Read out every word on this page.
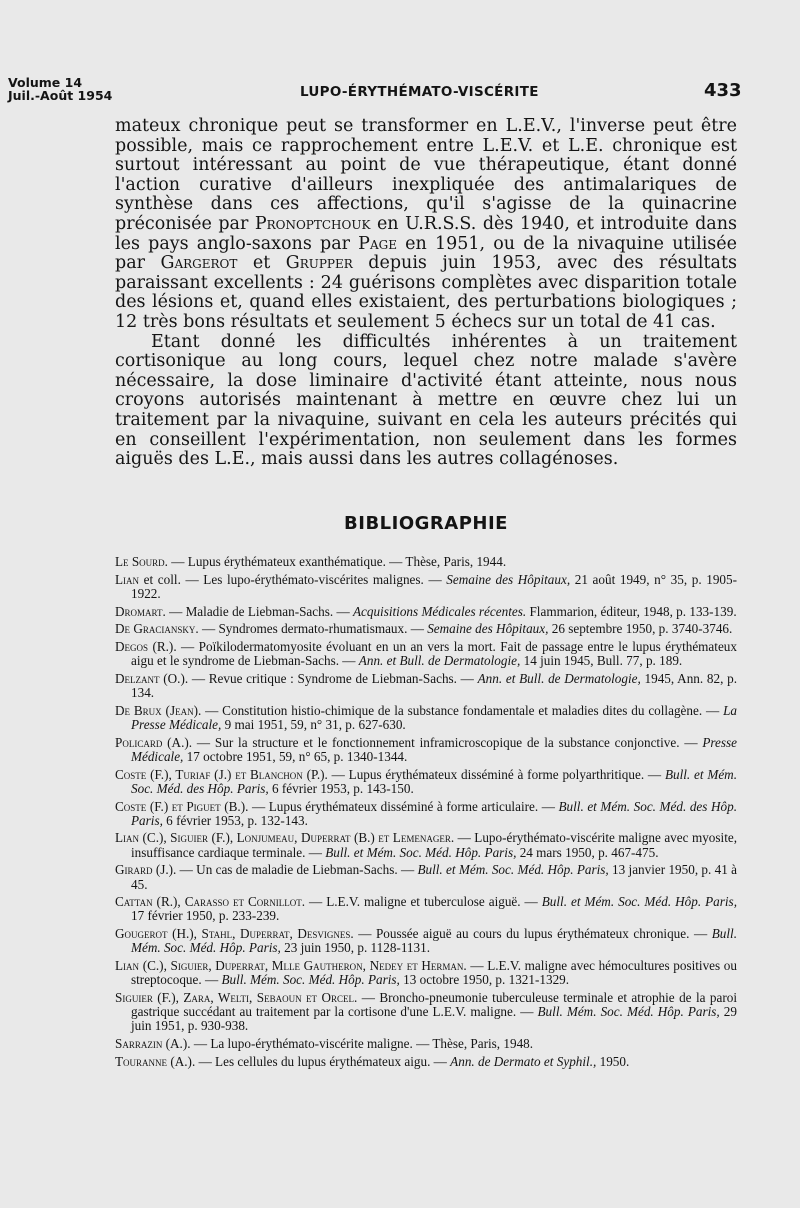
Volume 14
Juil.-Août 1954	LUPO-ÉRYTHÉMATO-VISCÉRITE	433

mateux chronique peut se transformer en L.E.V., l'inverse peut être possible, mais ce rapprochement entre L.E.V. et L.E. chronique est surtout intéressant au point de vue thérapeutique, étant donné l'action curative d'ailleurs inexpliquée des antimalariques de synthèse dans ces affections, qu'il s'agisse de la quinacrine préconisée par Pronoptchouk en U.R.S.S. dès 1940, et introduite dans les pays anglo-saxons par Page en 1951, ou de la nivaquine utilisée par Gargerot et Grupper depuis juin 1953, avec des résultats paraissant excellents : 24 guérisons complètes avec disparition totale des lésions et, quand elles existaient, des perturbations biologiques ; 12 très bons résultats et seulement 5 échecs sur un total de 41 cas.

Etant donné les difficultés inhérentes à un traitement cortisonique au long cours, lequel chez notre malade s'avère nécessaire, la dose liminaire d'activité étant atteinte, nous nous croyons autorisés maintenant à mettre en œuvre chez lui un traitement par la nivaquine, suivant en cela les auteurs précités qui en conseillent l'expérimentation, non seulement dans les formes aiguës des L.E., mais aussi dans les autres collagénoses.

BIBLIOGRAPHIE
Le Sourd. — Lupus érythémateux exanthématique. — Thèse, Paris, 1944.
Lian et coll. — Les lupo-érythémato-viscérites malignes. — Semaine des Hôpitaux, 21 août 1949, n° 35, p. 1905-1922.
Dromart. — Maladie de Liebman-Sachs. — Acquisitions Médicales récentes. Flammarion, éditeur, 1948, p. 133-139.
De Graciansky. — Syndromes dermato-rhumatismaux. — Semaine des Hôpitaux, 26 septembre 1950, p. 3740-3746.
Degos (R.). — Poïkilodermatomyosite évoluant en un an vers la mort. Fait de passage entre le lupus érythémateux aigu et le syndrome de Liebman-Sachs. — Ann. et Bull. de Dermatologie, 14 juin 1945, Bull. 77, p. 189.
Delzant (O.). — Revue critique : Syndrome de Liebman-Sachs. — Ann. et Bull. de Dermatologie, 1945, Ann. 82, p. 134.
De Brux (Jean). — Constitution histio-chimique de la substance fondamentale et maladies dites du collagène. — La Presse Médicale, 9 mai 1951, 59, n° 31, p. 627-630.
Policard (A.). — Sur la structure et le fonctionnement inframicroscopique de la substance conjonctive. — Presse Médicale, 17 octobre 1951, 59, n° 65, p. 1340-1344.
Coste (F.), Turiaf (J.) et Blanchon (P.). — Lupus érythémateux disséminé à forme polyarthritique. — Bull. et Mém. Soc. Méd. des Hôp. Paris, 6 février 1953, p. 143-150.
Coste (F.) et Piguet (B.). — Lupus érythémateux disséminé à forme articulaire. — Bull. et Mém. Soc. Méd. des Hôp. Paris, 6 février 1953, p. 132-143.
Lian (C.), Siguier (F.), Lonjumeau, Duperrat (B.) et Lemenager. — Lupo-érythémato-viscérite maligne avec myosite, insuffisance cardiaque terminale. — Bull. et Mém. Soc. Méd. Hôp. Paris, 24 mars 1950, p. 467-475.
Girard (J.). — Un cas de maladie de Liebman-Sachs. — Bull. et Mém. Soc. Méd. Hôp. Paris, 13 janvier 1950, p. 41 à 45.
Cattan (R.), Carasso et Cornillot. — L.E.V. maligne et tuberculose aiguë. — Bull. et Mém. Soc. Méd. Hôp. Paris, 17 février 1950, p. 233-239.
Gougerot (H.), Stahl, Duperrat, Desvignes. — Poussée aiguë au cours du lupus érythémateux chronique. — Bull. Mém. Soc. Méd. Hôp. Paris, 23 juin 1950, p. 1128-1131.
Lian (C.), Siguier, Duperrat, Mlle Gautheron, Nedey et Herman. — L.E.V. maligne avec hémocultures positives ou streptocoque. — Bull. Mém. Soc. Méd. Hôp. Paris, 13 octobre 1950, p. 1321-1329.
Siguier (F.), Zara, Welti, Sebaoun et Orcel. — Broncho-pneumonie tuberculeuse terminale et atrophie de la paroi gastrique succédant au traitement par la cortisone d'une L.E.V. maligne. — Bull. Mém. Soc. Méd. Hôp. Paris, 29 juin 1951, p. 930-938.
Sarrazin (A.). — La lupo-érythémato-viscérite maligne. — Thèse, Paris, 1948.
Touranne (A.). — Les cellules du lupus érythémateux aigu. — Ann. de Dermato et Syphil., 1950.
